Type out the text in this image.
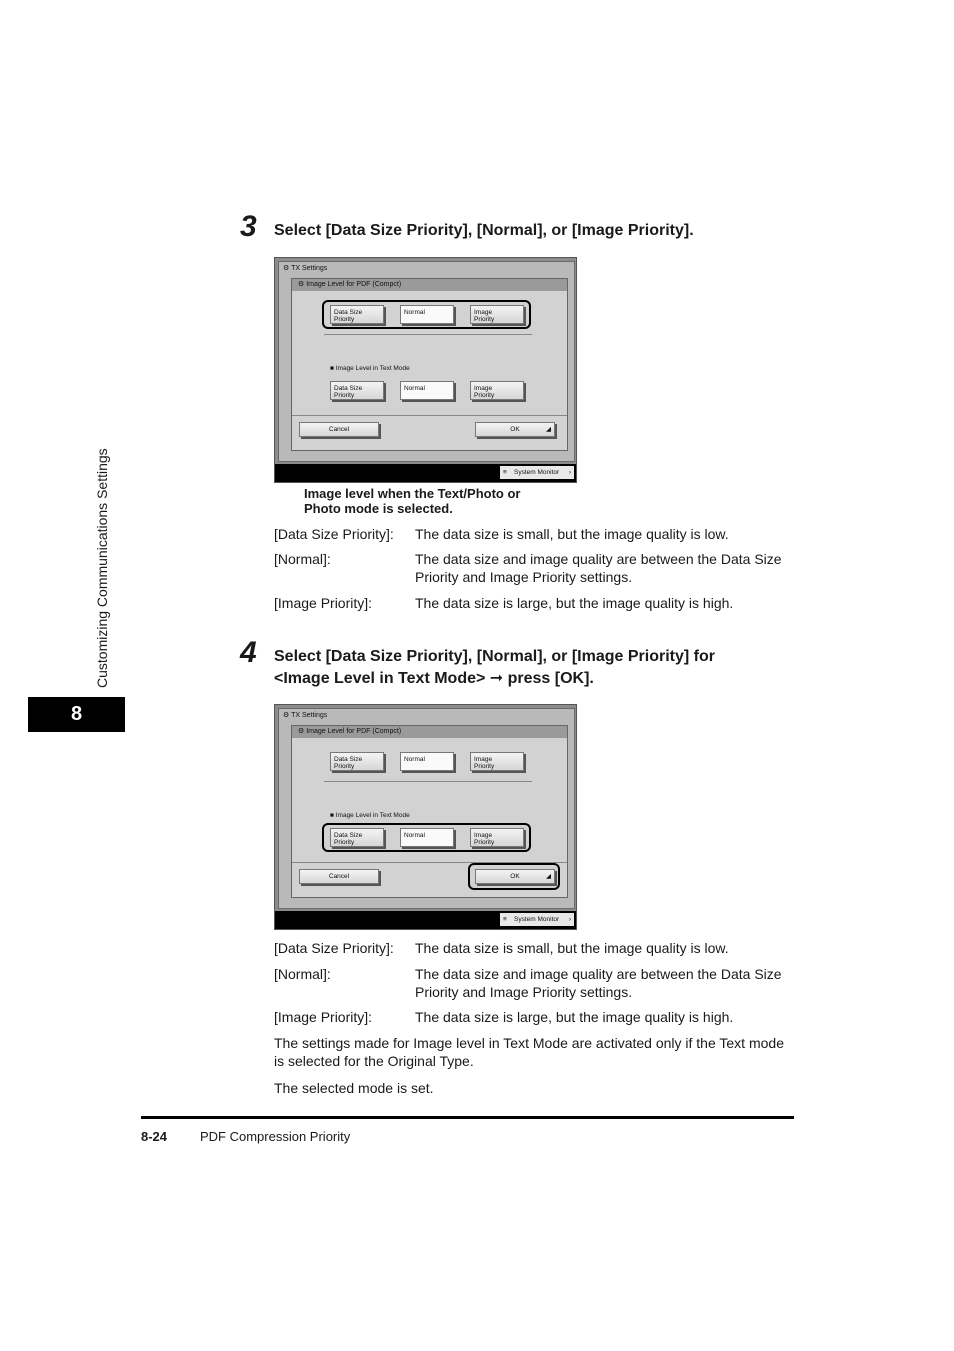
Customizing Communications Settings
8
3 Select [Data Size Priority], [Normal], or [Image Priority].
⚙ TX Settings
⚙ Image Level for PDF (Compct)
Data Size
Priority
Normal	Image
Priority
■ Image Level in Text Mode
Data Size
Priority
Normal	Image
Priority
Cancel	OK	◢
≡ System Monitor ›
Image level when the Text/Photo or
Photo mode is selected.
[Data Size Priority]: The data size is small, but the image quality is low.
[Normal]:	The data size and image quality are between the Data Size Priority and Image Priority settings.
[Image Priority]:	The data size is large, but the image quality is high.
4 Select [Data Size Priority], [Normal], or [Image Priority] for
<Image Level in Text Mode> ➞ press [OK].
⚙ TX Settings
⚙ Image Level for PDF (Compct)
Data Size
Priority
Normal	Image
Priority
■ Image Level in Text Mode
Data Size
Priority
Normal	Image
Priority
Cancel	OK	◢
≡ System Monitor ›
[Data Size Priority]: The data size is small, but the image quality is low.
[Normal]:	The data size and image quality are between the Data Size Priority and Image Priority settings.
[Image Priority]:	The data size is large, but the image quality is high.
The settings made for Image level in Text Mode are activated only if the Text mode is selected for the Original Type.
The selected mode is set.
8-24	PDF Compression Priority
